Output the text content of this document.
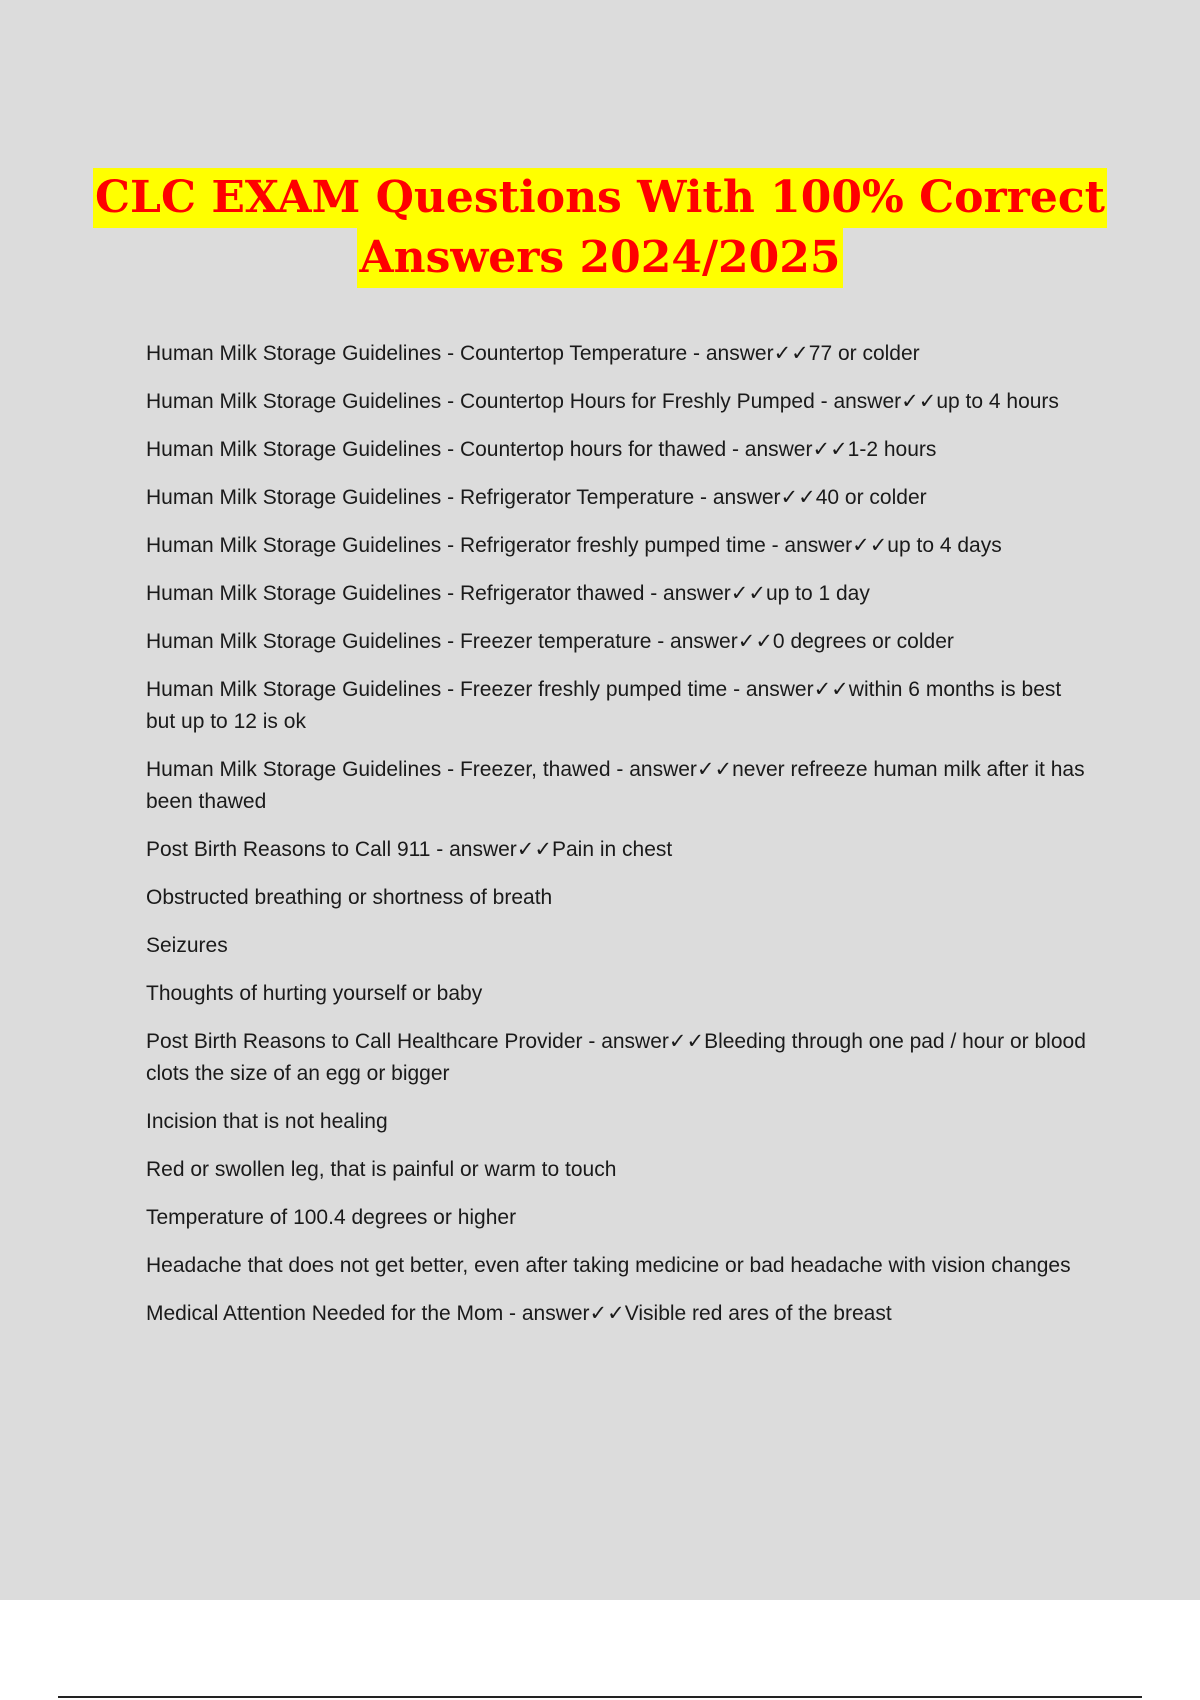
CLC EXAM Questions With 100% Correct
Answers 2024/2025

Human Milk Storage Guidelines - Countertop Temperature - answer✓✓77 or colder

Human Milk Storage Guidelines - Countertop Hours for Freshly Pumped - answer✓✓up to 4 hours

Human Milk Storage Guidelines - Countertop hours for thawed - answer✓✓1-2 hours

Human Milk Storage Guidelines - Refrigerator Temperature - answer✓✓40 or colder

Human Milk Storage Guidelines - Refrigerator freshly pumped time - answer✓✓up to 4 days

Human Milk Storage Guidelines - Refrigerator thawed - answer✓✓up to 1 day

Human Milk Storage Guidelines - Freezer temperature - answer✓✓0 degrees or colder

Human Milk Storage Guidelines - Freezer freshly pumped time - answer✓✓within 6 months is best but up to 12 is ok

Human Milk Storage Guidelines - Freezer, thawed - answer✓✓never refreeze human milk after it has been thawed

Post Birth Reasons to Call 911 - answer✓✓Pain in chest

Obstructed breathing or shortness of breath

Seizures

Thoughts of hurting yourself or baby

Post Birth Reasons to Call Healthcare Provider - answer✓✓Bleeding through one pad / hour or blood clots the size of an egg or bigger

Incision that is not healing

Red or swollen leg, that is painful or warm to touch

Temperature of 100.4 degrees or higher

Headache that does not get better, even after taking medicine or bad headache with vision changes

Medical Attention Needed for the Mom - answer✓✓Visible red ares of the breast
